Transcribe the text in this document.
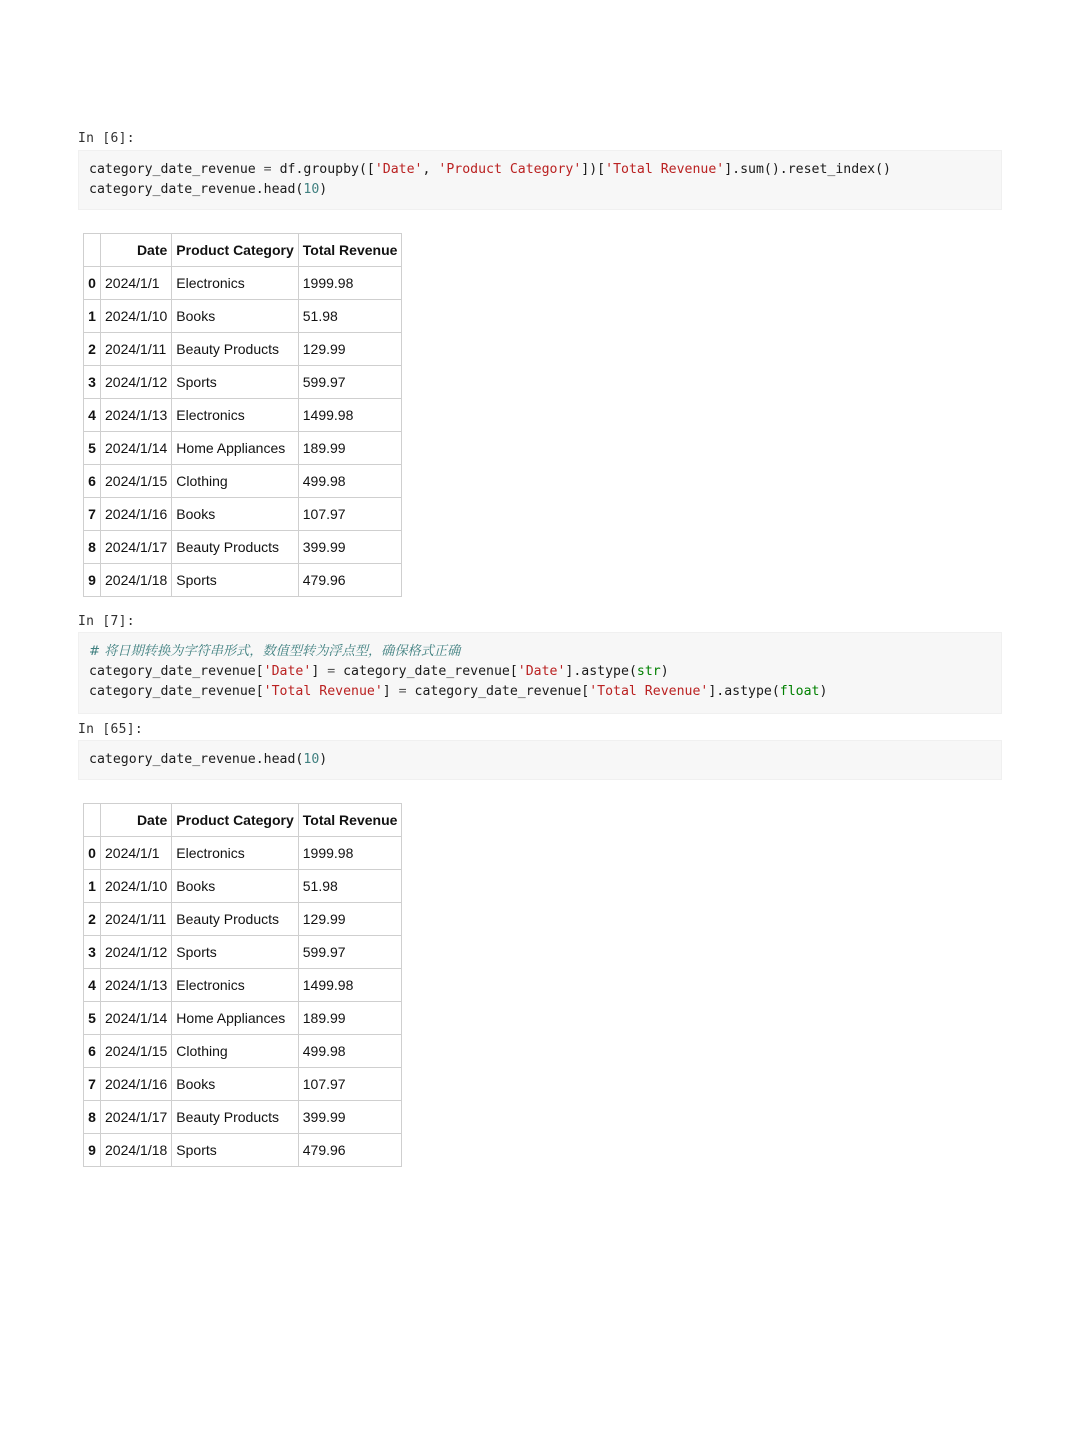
In [6]:
category_date_revenue = df.groupby(['Date', 'Product Category'])['Total Revenue'].sum().reset_index()
category_date_revenue.head(10)
	Date	Product Category	Total Revenue
0	2024/1/1	Electronics	1999.98
1	2024/1/10	Books	51.98
2	2024/1/11	Beauty Products	129.99
3	2024/1/12	Sports	599.97
4	2024/1/13	Electronics	1499.98
5	2024/1/14	Home Appliances	189.99
6	2024/1/15	Clothing	499.98
7	2024/1/16	Books	107.97
8	2024/1/17	Beauty Products	399.99
9	2024/1/18	Sports	479.96
In [7]:
# 将日期转换为字符串形式，数值型转为浮点型，确保格式正确
category_date_revenue['Date'] = category_date_revenue['Date'].astype(str)
category_date_revenue['Total Revenue'] = category_date_revenue['Total Revenue'].astype(float)
In [65]:
category_date_revenue.head(10)
	Date	Product Category	Total Revenue
0	2024/1/1	Electronics	1999.98
1	2024/1/10	Books	51.98
2	2024/1/11	Beauty Products	129.99
3	2024/1/12	Sports	599.97
4	2024/1/13	Electronics	1499.98
5	2024/1/14	Home Appliances	189.99
6	2024/1/15	Clothing	499.98
7	2024/1/16	Books	107.97
8	2024/1/17	Beauty Products	399.99
9	2024/1/18	Sports	479.96
